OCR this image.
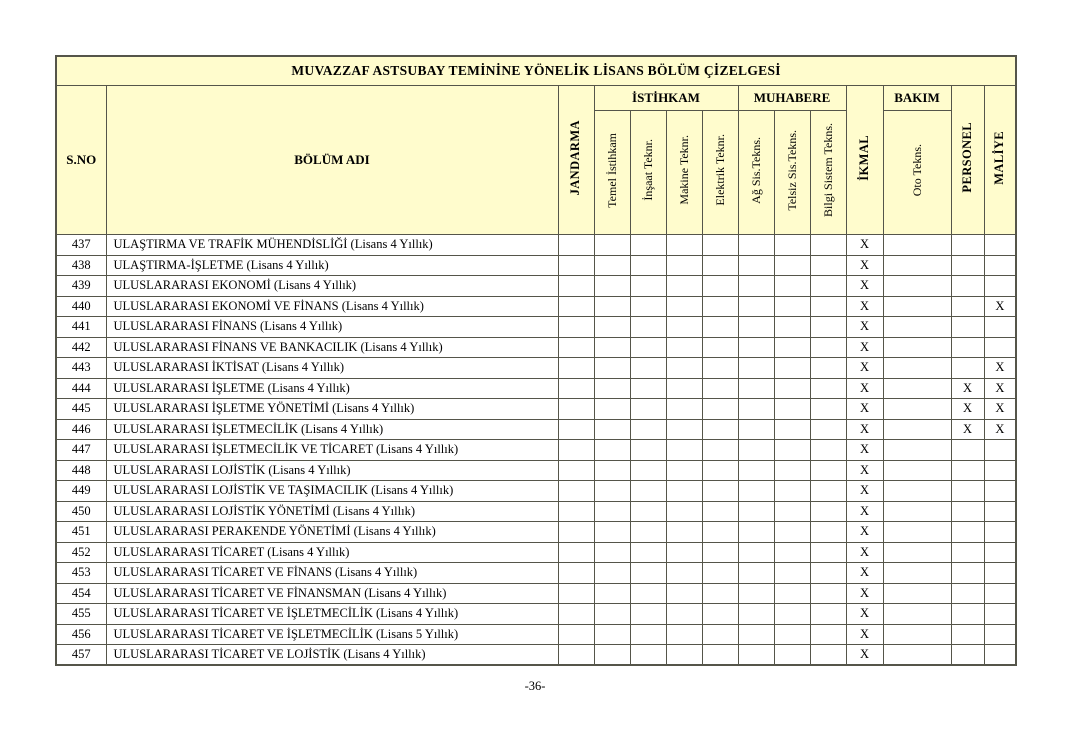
MUVAZZAF ASTSUBAY TEMİNİNE YÖNELİK LİSANS BÖLÜM ÇİZELGESİ													
S.NO	BÖLÜM ADI	JANDARMA	İSTİHKAM				MUHABERE			İKMAL	BAKIM	PERSONEL	MALİYE
			Temel İstihkam	İnşaat Teknr.	Makine Teknr.	Elektrik Teknr.	Ağ Sis.Tekns.	Telsiz Sis.Tekns.	Bilgi Sistem Tekns.		Oto Tekns.		
437	ULAŞTIRMA VE TRAFİK MÜHENDİSLİĞİ (Lisans 4 Yıllık)									X			
438	ULAŞTIRMA-İŞLETME (Lisans 4 Yıllık)									X			
439	ULUSLARARASI EKONOMİ (Lisans 4 Yıllık)									X			
440	ULUSLARARASI EKONOMİ VE FİNANS (Lisans 4 Yıllık)									X			X
441	ULUSLARARASI FİNANS (Lisans 4 Yıllık)									X			
442	ULUSLARARASI FİNANS VE BANKACILIK (Lisans 4 Yıllık)									X			
443	ULUSLARARASI İKTİSAT (Lisans 4 Yıllık)									X			X
444	ULUSLARARASI İŞLETME (Lisans 4 Yıllık)									X		X	X
445	ULUSLARARASI İŞLETME YÖNETİMİ (Lisans 4 Yıllık)									X		X	X
446	ULUSLARARASI İŞLETMECİLİK (Lisans 4 Yıllık)									X		X	X
447	ULUSLARARASI İŞLETMECİLİK VE TİCARET (Lisans 4 Yıllık)									X			
448	ULUSLARARASI LOJİSTİK (Lisans 4 Yıllık)									X			
449	ULUSLARARASI LOJİSTİK VE TAŞIMACILIK (Lisans 4 Yıllık)									X			
450	ULUSLARARASI LOJİSTİK YÖNETİMİ (Lisans 4 Yıllık)									X			
451	ULUSLARARASI PERAKENDE YÖNETİMİ (Lisans 4 Yıllık)									X			
452	ULUSLARARASI TİCARET (Lisans 4 Yıllık)									X			
453	ULUSLARARASI TİCARET VE FİNANS (Lisans 4 Yıllık)									X			
454	ULUSLARARASI TİCARET VE FİNANSMAN (Lisans 4 Yıllık)									X			
455	ULUSLARARASI TİCARET VE İŞLETMECİLİK (Lisans 4 Yıllık)									X			
456	ULUSLARARASI TİCARET VE İŞLETMECİLİK (Lisans 5 Yıllık)									X			
457	ULUSLARARASI TİCARET VE LOJİSTİK (Lisans 4 Yıllık)									X			
-36-
